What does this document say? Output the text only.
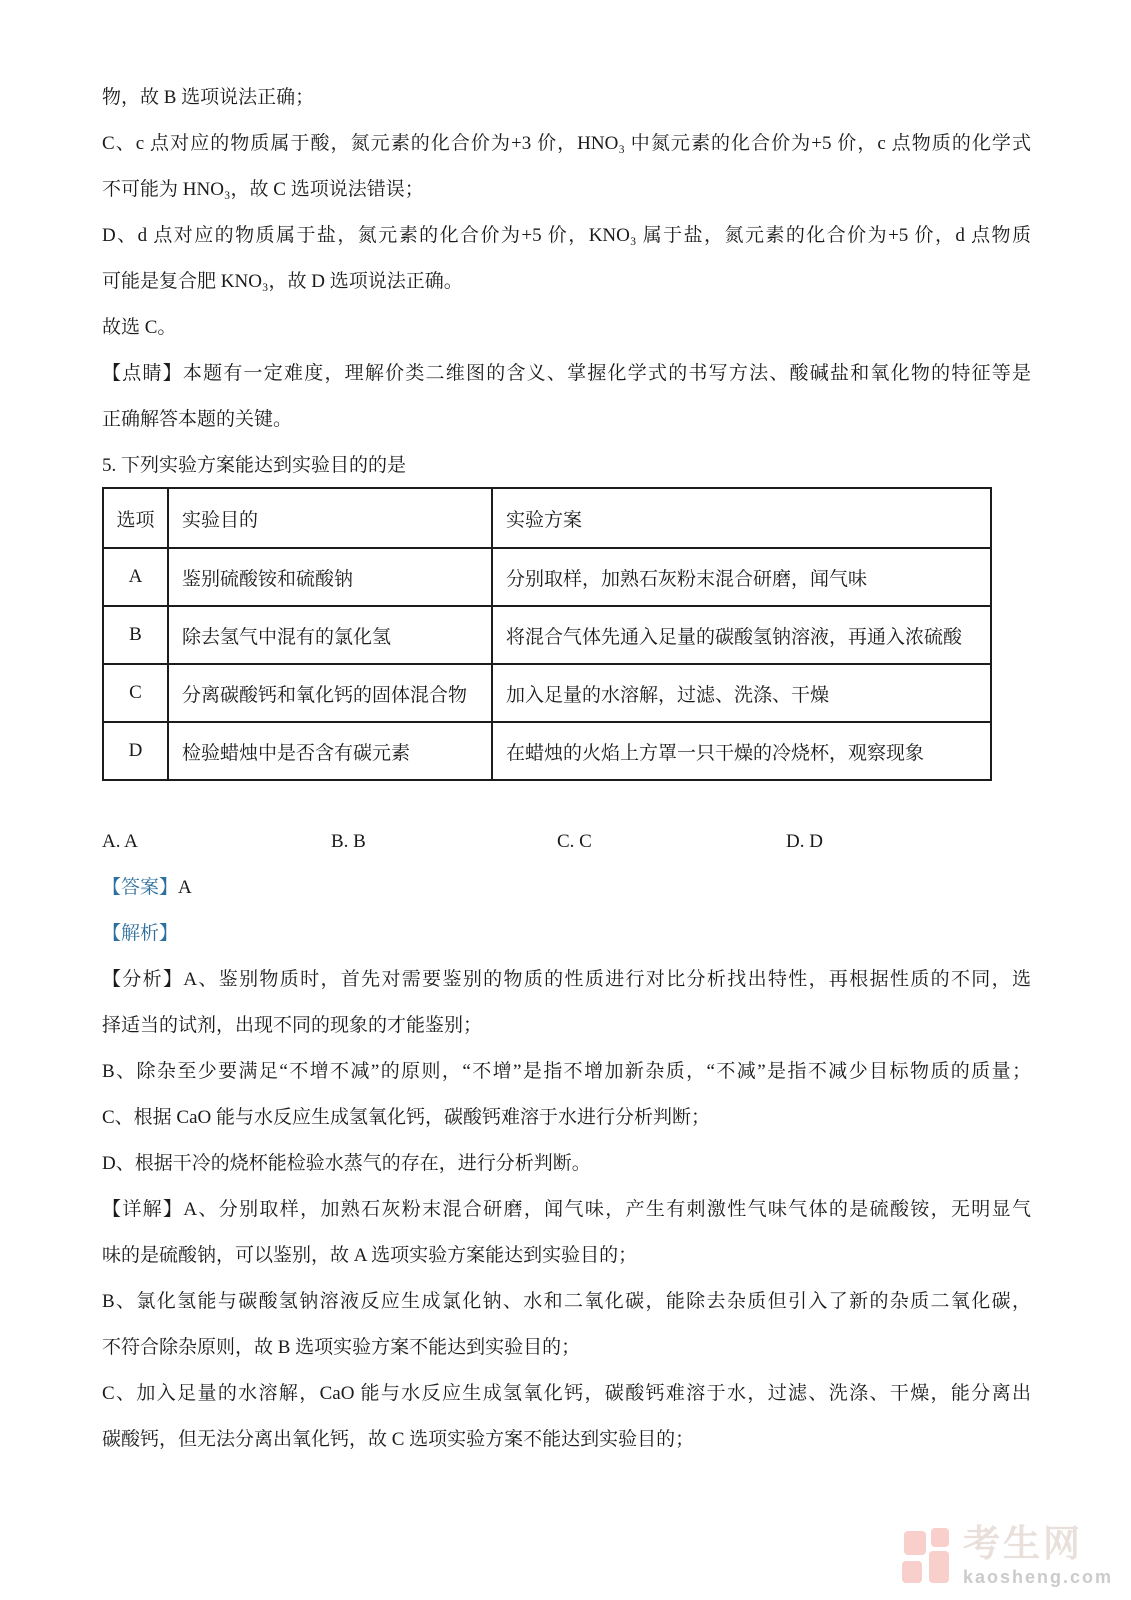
物，故 B 选项说法正确；
C、c 点对应的物质属于酸，氮元素的化合价为+3 价，HNO₃ 中氮元素的化合价为+5 价，c 点物质的化学式
不可能为 HNO₃，故 C 选项说法错误；
D、d 点对应的物质属于盐，氮元素的化合价为+5 价，KNO₃ 属于盐，氮元素的化合价为+5 价，d 点物质
可能是复合肥 KNO₃，故 D 选项说法正确。
故选 C。
【点睛】本题有一定难度，理解价类二维图的含义、掌握化学式的书写方法、酸碱盐和氧化物的特征等是
正确解答本题的关键。
5. 下列实验方案能达到实验目的的是
选项	实验目的	实验方案
A	鉴别硫酸铵和硫酸钠	分别取样，加熟石灰粉末混合研磨，闻气味
B	除去氢气中混有的氯化氢	将混合气体先通入足量的碳酸氢钠溶液，再通入浓硫酸
C	分离碳酸钙和氧化钙的固体混合物	加入足量的水溶解，过滤、洗涤、干燥
D	检验蜡烛中是否含有碳元素	在蜡烛的火焰上方罩一只干燥的冷烧杯，观察现象
A. A	B. B	C. C	D. D
【答案】A
【解析】
【分析】A、鉴别物质时，首先对需要鉴别的物质的性质进行对比分析找出特性，再根据性质的不同，选
择适当的试剂，出现不同的现象的才能鉴别；
B、除杂至少要满足“不增不减”的原则，“不增”是指不增加新杂质，“不减”是指不减少目标物质的质量；
C、根据 CaO 能与水反应生成氢氧化钙，碳酸钙难溶于水进行分析判断；
D、根据干冷的烧杯能检验水蒸气的存在，进行分析判断。
【详解】A、分别取样，加熟石灰粉末混合研磨，闻气味，产生有刺激性气味气体的是硫酸铵，无明显气
味的是硫酸钠，可以鉴别，故 A 选项实验方案能达到实验目的；
B、氯化氢能与碳酸氢钠溶液反应生成氯化钠、水和二氧化碳，能除去杂质但引入了新的杂质二氧化碳，
不符合除杂原则，故 B 选项实验方案不能达到实验目的；
C、加入足量的水溶解，CaO 能与水反应生成氢氧化钙，碳酸钙难溶于水，过滤、洗涤、干燥，能分离出
碳酸钙，但无法分离出氧化钙，故 C 选项实验方案不能达到实验目的；
考生网
kaosheng.com
